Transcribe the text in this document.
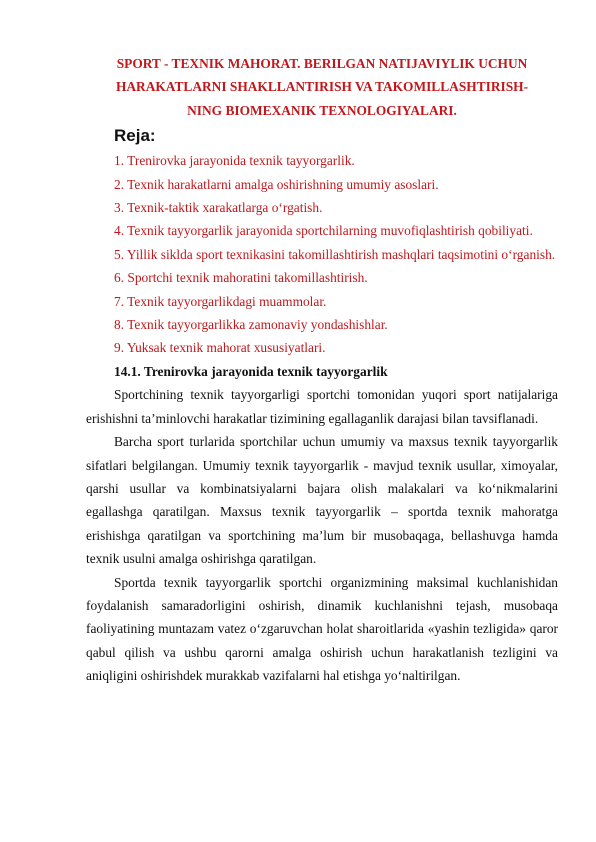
SPORT - TEXNIK MAHORAT. BERILGAN NATIJAVIYLIK UCHUN
HARAKATLARNI SHAKLLANTIRISH VA TAKOMILLASHTIRISH-
NING BIOMEXANIK TEXNOLOGIYALARI.
Reja:
1. Trenirovka jarayonida texnik tayyorgarlik.
2. Texnik harakatlarni amalga oshirishning umumiy asoslari.
3. Texnik-taktik xarakatlarga o‘rgatish.
4. Texnik tayyorgarlik jarayonida sportchilarning muvofiqlashtirish qobiliyati.
5. Yillik siklda sport texnikasini takomillashtirish mashqlari taqsimotini o‘rganish.
6. Sportchi texnik mahoratini takomillashtirish.
7. Texnik tayyorgarlikdagi muammolar.
8. Texnik tayyorgarlikka zamonaviy yondashishlar.
9. Yuksak texnik mahorat xususiyatlari.
14.1. Trenirovka jarayonida texnik tayyorgarlik
Sportchining texnik tayyorgarligi sportchi tomonidan yuqori sport natijalariga erishishni ta’minlovchi harakatlar tizimining egallaganlik darajasi bilan tavsiflanadi.
Barcha sport turlarida sportchilar uchun umumiy va maxsus texnik tayyorgarlik sifatlari belgilangan. Umumiy texnik tayyorgarlik - mavjud texnik usullar, ximoyalar, qarshi usullar va kombinatsiyalarni bajara olish malakalari va ko‘nikmalarini egallashga qaratilgan. Maxsus texnik tayyorgarlik – sportda texnik mahoratga erishishga qaratilgan va sportchining ma’lum bir musobaqaga, bellashuvga hamda texnik usulni amalga oshirishga qaratilgan.
Sportda texnik tayyorgarlik sportchi organizmining maksimal kuchlanishidan foydalanish samaradorligini oshirish, dinamik kuchlanishni tejash, musobaqa faoliyatining muntazam vatez o‘zgaruvchan holat sharoitlarida «yashin tezligida» qaror qabul qilish va ushbu qarorni amalga oshirish uchun harakatlanish tezligini va aniqligini oshirishdek murakkab vazifalarni hal etishga yo‘naltirilgan.
